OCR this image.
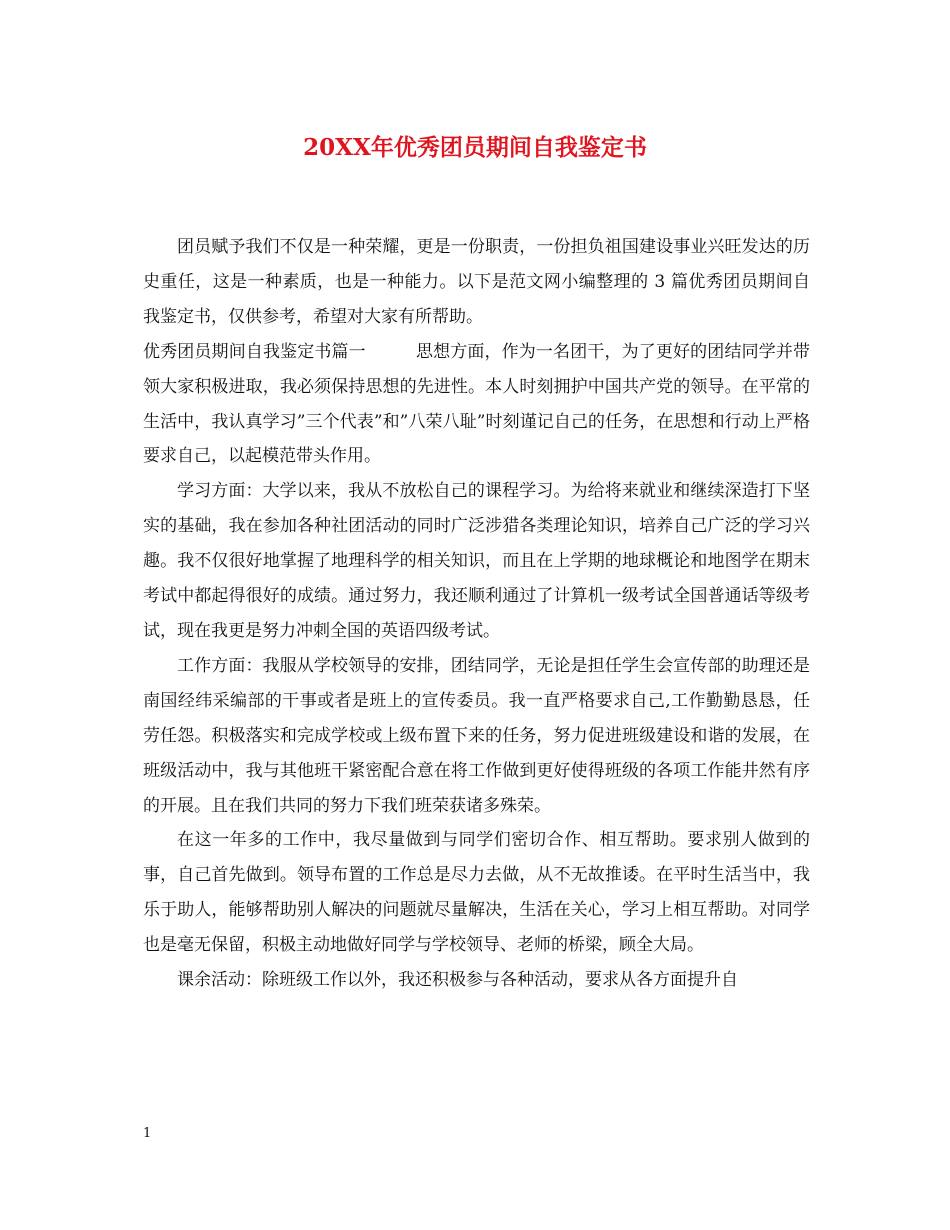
20XX年优秀团员期间自我鉴定书

团员赋予我们不仅是一种荣耀，更是一份职责，一份担负祖国建设事业兴旺发达的历史重任，这是一种素质，也是一种能力。以下是范文网小编整理的 3 篇优秀团员期间自我鉴定书，仅供参考，希望对大家有所帮助。

优秀团员期间自我鉴定书篇一	思想方面，作为一名团干，为了更好的团结同学并带领大家积极进取，我必须保持思想的先进性。本人时刻拥护中国共产党的领导。在平常的生活中，我认真学习”三个代表”和”八荣八耻”时刻谨记自己的任务，在思想和行动上严格要求自己，以起模范带头作用。

学习方面：大学以来，我从不放松自己的课程学习。为给将来就业和继续深造打下坚实的基础，我在参加各种社团活动的同时广泛涉猎各类理论知识，培养自己广泛的学习兴趣。我不仅很好地掌握了地理科学的相关知识，而且在上学期的地球概论和地图学在期末考试中都起得很好的成绩。通过努力，我还顺利通过了计算机一级考试全国普通话等级考试，现在我更是努力冲刺全国的英语四级考试。

工作方面：我服从学校领导的安排，团结同学，无论是担任学生会宣传部的助理还是南国经纬采编部的干事或者是班上的宣传委员。我一直严格要求自己,工作勤勤恳恳，任劳任怨。积极落实和完成学校或上级布置下来的任务，努力促进班级建设和谐的发展，在班级活动中，我与其他班干紧密配合意在将工作做到更好使得班级的各项工作能井然有序的开展。且在我们共同的努力下我们班荣获诸多殊荣。

在这一年多的工作中，我尽量做到与同学们密切合作、相互帮助。要求别人做到的事，自己首先做到。领导布置的工作总是尽力去做，从不无故推诿。在平时生活当中，我乐于助人，能够帮助别人解决的问题就尽量解决，生活在关心，学习上相互帮助。对同学也是毫无保留，积极主动地做好同学与学校领导、老师的桥梁，顾全大局。

课余活动：除班级工作以外，我还积极参与各种活动，要求从各方面提升自

1
